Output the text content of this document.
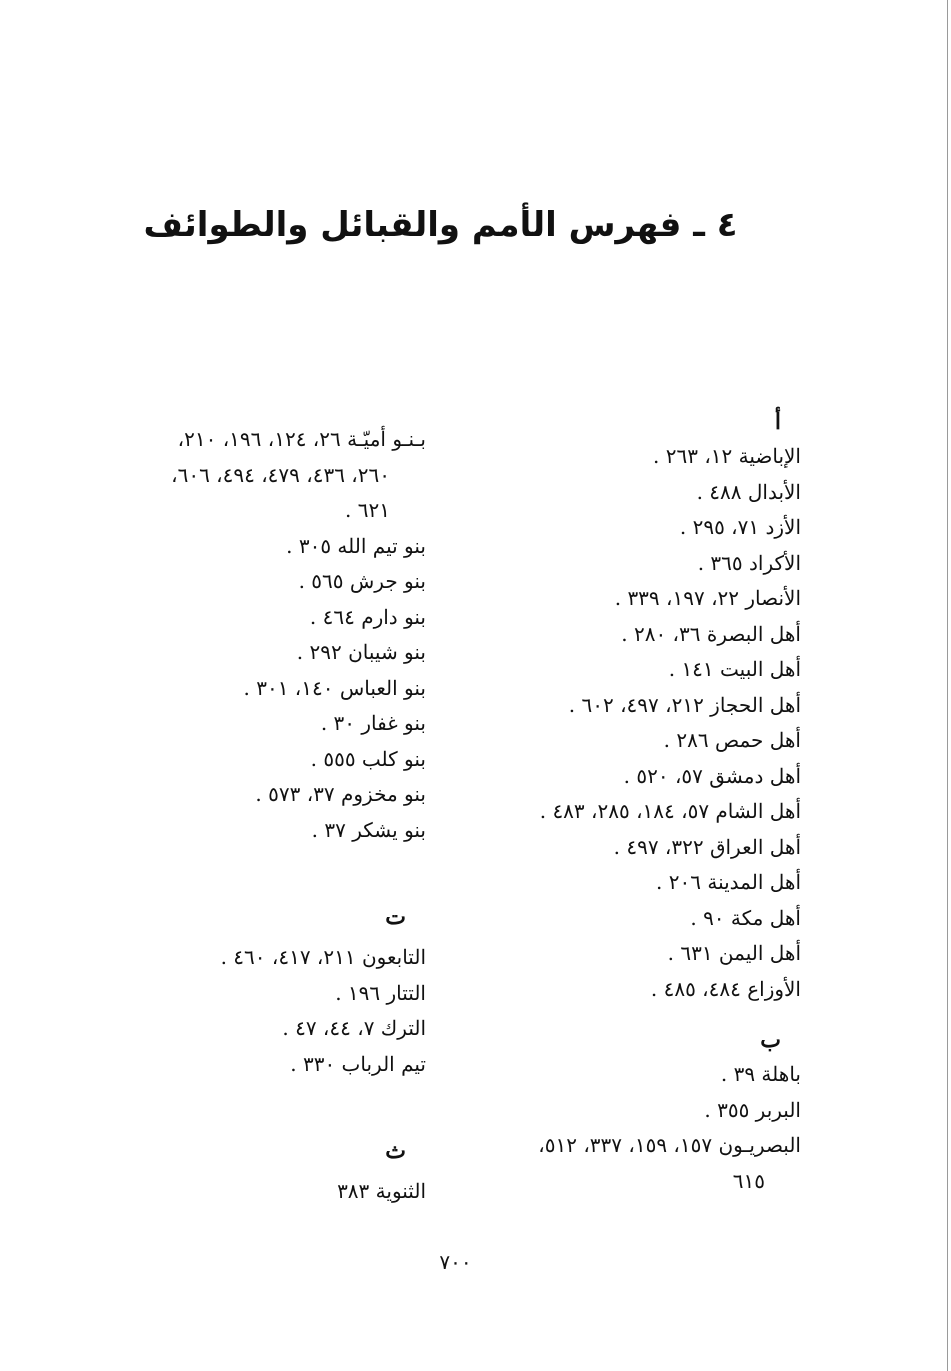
٤ ـ فهرس الأمم والقبائل والطوائف
أ
الإباضية ١٢، ٢٦٣ .
الأبدال ٤٨٨ .
الأزد ٧١، ٢٩٥ .
الأكراد ٣٦٥ .
الأنصار ٢٢، ١٩٧، ٣٣٩ .
أهل البصرة ٣٦، ٢٨٠ .
أهل البيت ١٤١ .
أهل الحجاز ٢١٢، ٤٩٧، ٦٠٢ .
أهل حمص ٢٨٦ .
أهل دمشق ٥٧، ٥٢٠ .
أهل الشام ٥٧، ١٨٤، ٢٨٥، ٤٨٣ .
أهل العراق ٣٢٢، ٤٩٧ .
أهل المدينة ٢٠٦ .
أهل مكة ٩٠ .
أهل اليمن ٦٣١ .
الأوزاع ٤٨٤، ٤٨٥ .
ب
باهلة ٣٩ .
البربر ٣٥٥ .
البصريـون ١٥٧، ١٥٩، ٣٣٧، ٥١٢،
٦١٥
بـنـو أميّـة ٢٦، ١٢٤، ١٩٦، ٢١٠،
٢٦٠، ٤٣٦، ٤٧٩، ٤٩٤، ٦٠٦،
٦٢١ .
بنو تيم الله ٣٠٥ .
بنو جرش ٥٦٥ .
بنو دارم ٤٦٤ .
بنو شيبان ٢٩٢ .
بنو العباس ١٤٠، ٣٠١ .
بنو غفار ٣٠ .
بنو كلب ٥٥٥ .
بنو مخزوم ٣٧، ٥٧٣ .
بنو يشكر ٣٧ .
ت
التابعون ٢١١، ٤١٧، ٤٦٠ .
التتار ١٩٦ .
الترك ٧، ٤٤، ٤٧ .
تيم الرباب ٣٣٠ .
ث
الثنوية ٣٨٣
٧٠٠
